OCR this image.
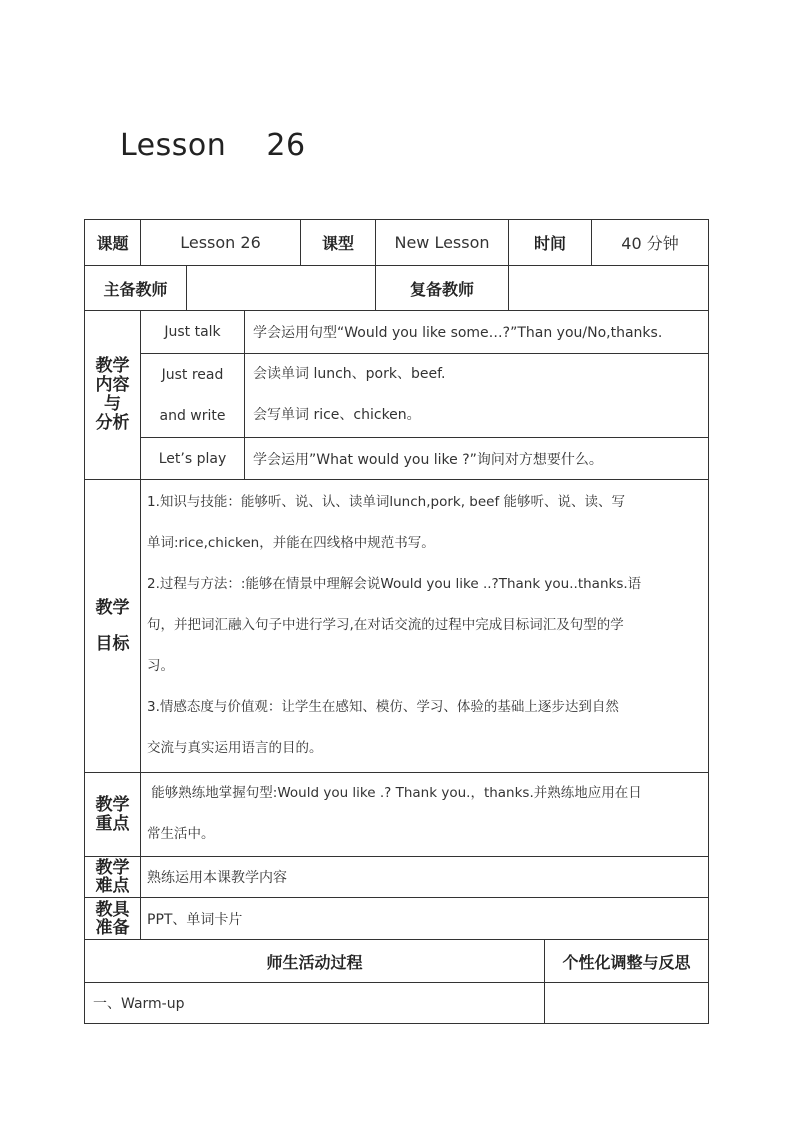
Lesson    26
课题	Lesson 26	课型	New Lesson	时间	40 分钟
主备教师	复备教师
教学
内容
与
分析
Just talk	学会运用句型“Would you like some…?”Than you/No,thanks.
Just read and write
会读单词 lunch、pork、beef.
会写单词 rice、chicken。
Let’s play	学会运用”What would you like ?”询问对方想要什么。
教学
目标
1.知识与技能：能够听、说、认、读单词lunch,pork, beef 能够听、说、读、写
单词:rice,chicken，并能在四线格中规范书写。
2.过程与方法：:能够在情景中理解会说Would you like ..?Thank you..thanks.语
句，并把词汇融入句子中进行学习,在对话交流的过程中完成目标词汇及句型的学
习。
3.情感态度与价值观：让学生在感知、模仿、学习、体验的基础上逐步达到自然
交流与真实运用语言的目的。
教学
重点
能够熟练地掌握句型:Would you like .? Thank you.，thanks.并熟练地应用在日
常生活中。
教学
难点	熟练运用本课教学内容
教具
准备	PPT、单词卡片
师生活动过程	个性化调整与反思
一、Warm-up
